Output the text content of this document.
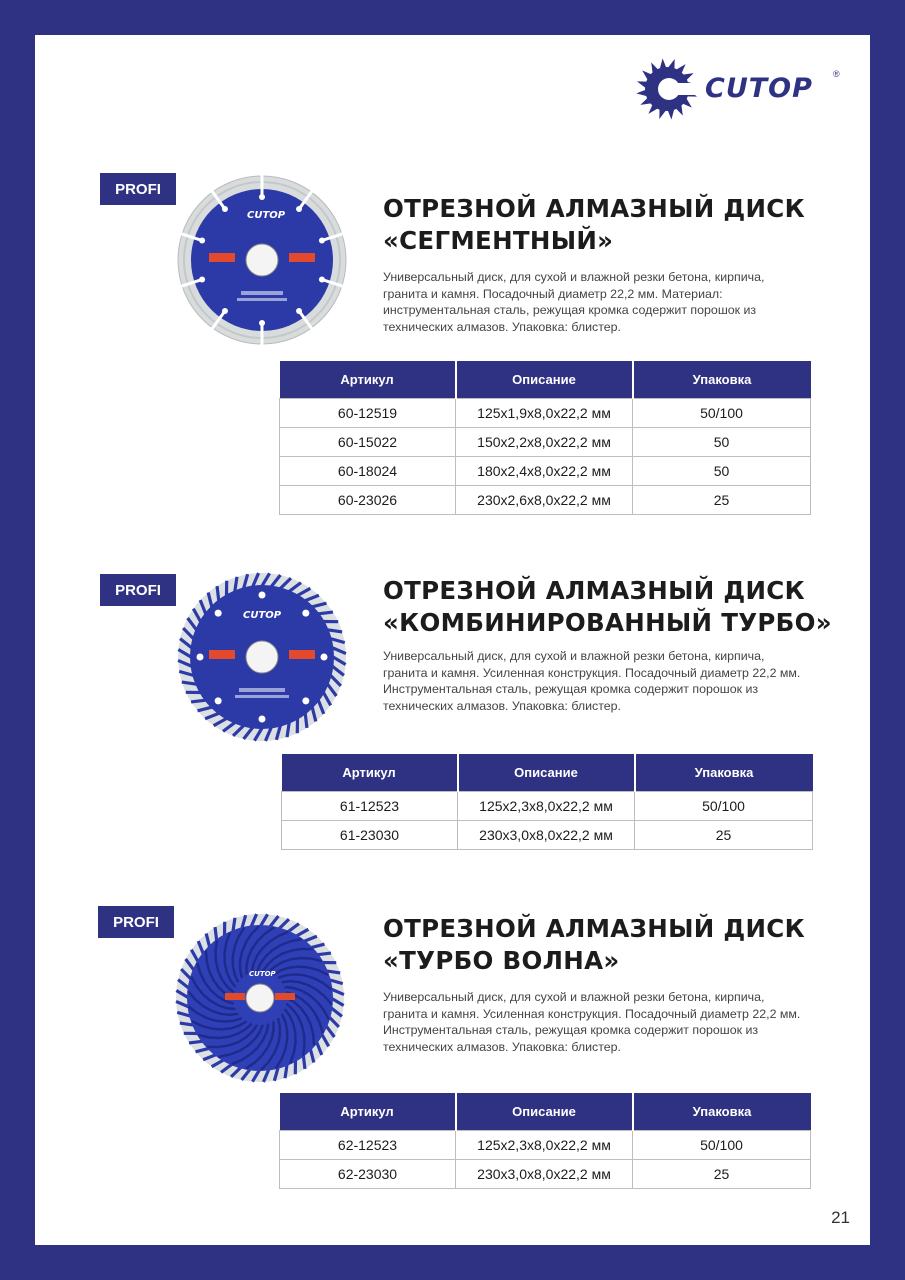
CUTOP ®
PROFI
CUTOP	ОТРЕЗНОЙ АЛМАЗНЫЙ ДИСК
«СЕГМЕНТНЫЙ»
Универсальный диск, для сухой и влажной резки бетона, кирпича, гранита и камня. Посадочный диаметр 22,2 мм. Материал: инструментальная сталь, режущая кромка содержит порошок из технических алмазов. Упаковка: блистер.
Артикул	Описание	Упаковка
60-12519	125х1,9х8,0х22,2 мм	50/100
60-15022	150х2,2х8,0х22,2 мм	50
60-18024	180х2,4х8,0х22,2 мм	50
60-23026	230х2,6х8,0х22,2 мм	25
PROFI
CUTOP
ОТРЕЗНОЙ АЛМАЗНЫЙ ДИСК
«КОМБИНИРОВАННЫЙ ТУРБО»
Универсальный диск, для сухой и влажной резки бетона, кирпича, гранита и камня. Усиленная конструкция. Посадочный диаметр 22,2 мм. Инструментальная сталь, режущая кромка содержит порошок из технических алмазов. Упаковка: блистер.
Артикул	Описание	Упаковка
61-12523	125х2,3х8,0х22,2 мм	50/100
61-23030	230х3,0х8,0х22,2 мм	25
PROFI
CUTOP
ОТРЕЗНОЙ АЛМАЗНЫЙ ДИСК
«ТУРБО ВОЛНА»
Универсальный диск, для сухой и влажной резки бетона, кирпича, гранита и камня. Усиленная конструкция. Посадочный диаметр 22,2 мм. Инструментальная сталь, режущая кромка содержит порошок из технических алмазов. Упаковка: блистер.
Артикул	Описание	Упаковка
62-12523	125х2,3х8,0х22,2 мм	50/100
62-23030	230х3,0х8,0х22,2 мм	25
21
